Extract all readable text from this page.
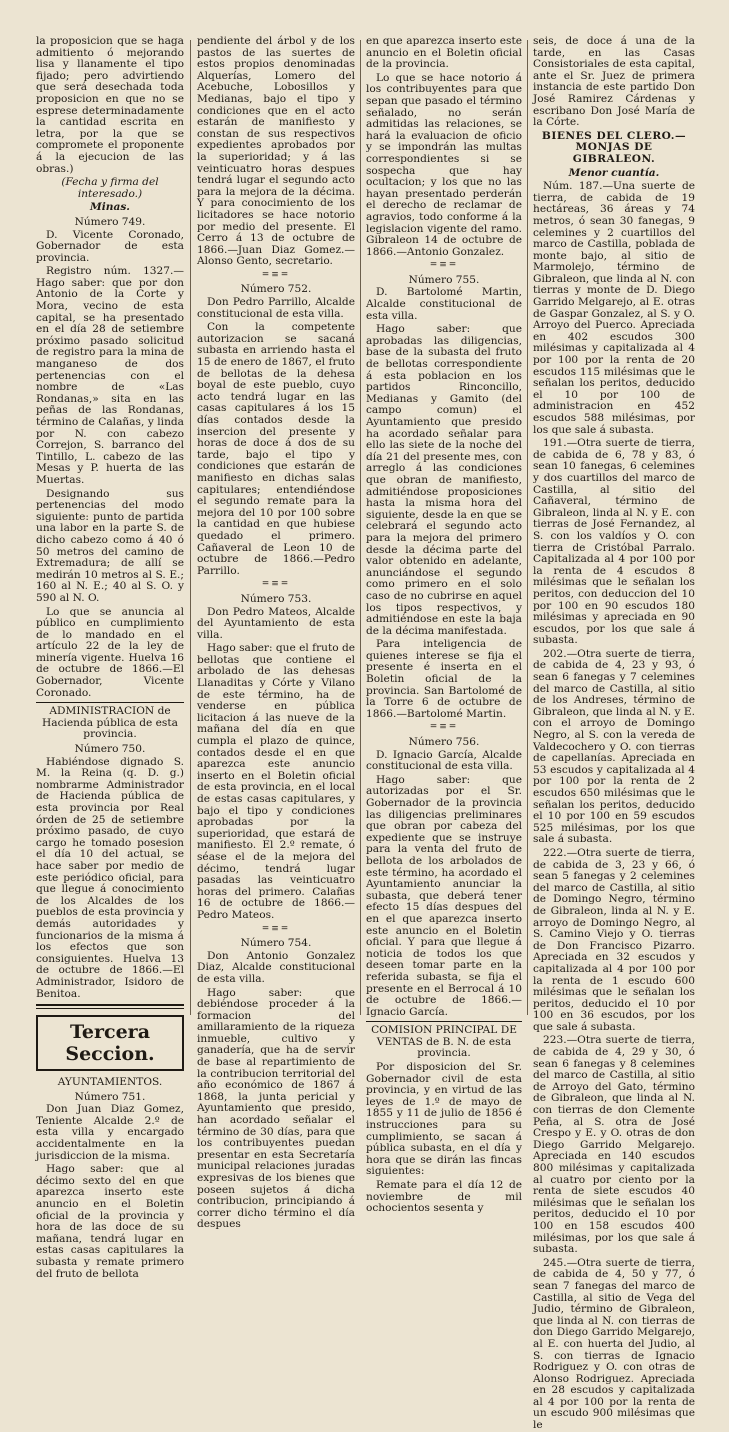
la proposicion que se haga admitiento ó mejorando lisa y llanamente el tipo fijado; pero advirtiendo que será desechada toda proposicion en que no se esprese determinadamente la cantidad escrita en letra, por la que se compromete el proponente á la ejecucion de las obras.)

(Fecha y firma del interesado.)

Minas.

Número 749.

D. Vicente Coronado, Gobernador de esta provincia.

Registro núm. 1327.—Hago saber: que por don Antonio de la Corte y Mora, vecino de esta capital, se ha presentado en el día 28 de setiembre próximo pasado solicitud de registro para la mina de manganeso de dos pertenencias con el nombre de «Las Rondanas,» sita en las peñas de las Rondanas, término de Calañas, y linda por N. con cabezo Correjon, S. barranco del Tintillo, L. cabezo de las Mesas y P. huerta de las Muertas.

Designando sus pertenencias del modo siguiente: punto de partida una labor en la parte S. de dicho cabezo como á 40 ó 50 metros del camino de Extremadura; de allí se medirán 10 metros al S. E.; 160 al N. E.; 40 al S. O. y 590 al N. O.

Lo que se anuncia al público en cumplimiento de lo mandado en el artículo 22 de la ley de minería vigente. Huelva 16 de octubre de 1866.—El Gobernador, Vicente Coronado.

ADMINISTRACION de Hacienda pública de esta provincia.

Número 750.

Habiéndose dignado S. M. la Reina (q. D. g.) nombrarme Administrador de Hacienda pública de esta provincia por Real órden de 25 de setiembre próximo pasado, de cuyo cargo he tomado posesion el día 10 del actual, se hace saber por medio de este periódico oficial, para que llegue á conocimiento de los Alcaldes de los pueblos de esta provincia y demás autoridades y funcionarios de la misma á los efectos que son consiguientes. Huelva 13 de octubre de 1866.—El Administrador, Isidoro de Benitoa.

Tercera Seccion.

AYUNTAMIENTOS.

Número 751.

Don Juan Diaz Gomez, Teniente Alcalde 2.º de esta villa y encargado accidentalmente en la jurisdiccion de la misma.

Hago saber: que al décimo sexto del en que aparezca inserto este anuncio en el Boletin oficial de la provincia y hora de las doce de su mañana, tendrá lugar en estas casas capitulares la subasta y remate primero del fruto de bellota

pendiente del árbol y de los pastos de las suertes de estos propios denominadas Alquerías, Lomero del Acebuche, Lobosillos y Medianas, bajo el tipo y condiciones que en el acto estarán de manifiesto y constan de sus respectivos expedientes aprobados por la superioridad; y á las veinticuatro horas despues tendrá lugar el segundo acto para la mejora de la décima. Y para conocimiento de los licitadores se hace notorio por medio del presente. El Cerro á 13 de octubre de 1866.—Juan Diaz Gomez.—Alonso Gento, secretario.

=≡=

Número 752.

Don Pedro Parrillo, Alcalde constitucional de esta villa.

Con la competente autorizacion se sacaná subasta en arriendo hasta el 15 de enero de 1867, el fruto de bellotas de la dehesa boyal de este pueblo, cuyo acto tendrá lugar en las casas capitulares á los 15 días contados desde la insercion del presente y horas de doce á dos de su tarde, bajo el tipo y condiciones que estarán de manifiesto en dichas salas capitulares; entendiéndose el segundo remate para la mejora del 10 por 100 sobre la cantidad en que hubiese quedado el primero. Cañaveral de Leon 10 de octubre de 1866.—Pedro Parrillo.

=≡=

Número 753.

Don Pedro Mateos, Alcalde del Ayuntamiento de esta villa.

Hago saber: que el fruto de bellotas que contiene el arbolado de las dehesas Llanaditas y Córte y Vilano de este término, ha de venderse en pública licitacion á las nueve de la mañana del día en que cumpla el plazo de quince, contados desde el en que aparezca este anuncio inserto en el Boletin oficial de esta provincia, en el local de estas casas capitulares, y bajo el tipo y condiciones aprobadas por la superioridad, que estará de manifiesto. El 2.º remate, ó séase el de la mejora del décimo, tendrá lugar pasadas las veinticuatro horas del primero. Calañas 16 de octubre de 1866.—Pedro Mateos.

=≡=

Número 754.

Don Antonio Gonzalez Diaz, Alcalde constitucional de esta villa.

Hago saber: que debiéndose proceder á la formacion del amillaramiento de la riqueza inmueble, cultivo y ganadería, que ha de servir de base al repartimiento de la contribucion territorial del año económico de 1867 á 1868, la junta pericial y Ayuntamiento que presido, han acordado señalar el término de 30 días, para que los contribuyentes puedan presentar en esta Secretaría municipal relaciones juradas expresivas de los bienes que poseen sujetos á dicha contribucion, principiando á correr dicho término el día despues

en que aparezca inserto este anuncio en el Boletin oficial de la provincia.

Lo que se hace notorio á los contribuyentes para que sepan que pasado el término señalado, no serán admitidas las relaciones, se hará la evaluacion de oficio y se impondrán las multas correspondientes si se sospecha que hay ocultacion; y los que no las hayan presentado perderán el derecho de reclamar de agravios, todo conforme á la legislacion vigente del ramo. Gibraleon 14 de octubre de 1866.—Antonio Gonzalez.

=≡=

Número 755.

D. Bartolomé Martin, Alcalde constitucional de esta villa.

Hago saber: que aprobadas las diligencias, base de la subasta del fruto de bellotas correspondiente á esta poblacion en los partidos Rinconcillo, Medianas y Gamito (del campo comun) el Ayuntamiento que presido ha acordado señalar para ello las siete de la noche del día 21 del presente mes, con arreglo á las condiciones que obran de manifiesto, admitiéndose proposiciones hasta la misma hora del siguiente, desde la en que se celebrará el segundo acto para la mejora del primero desde la décima parte del valor obtenido en adelante, anunciándose el segundo como primero en el solo caso de no cubrirse en aquel los tipos respectivos, y admitiéndose en este la baja de la décima manifestada.

Para inteligencia de quienes interese se fija el presente é inserta en el Boletin oficial de la provincia. San Bartolomé de la Torre 6 de octubre de 1866.—Bartolomé Martin.

=≡=

Número 756.

D. Ignacio García, Alcalde constitucional de esta villa.

Hago saber: que autorizadas por el Sr. Gobernador de la provincia las diligencias preliminares que obran por cabeza del expediente que se instruye para la venta del fruto de bellota de los arbolados de este término, ha acordado el Ayuntamiento anunciar la subasta, que deberá tener efecto 15 días despues del en el que aparezca inserto este anuncio en el Boletin oficial. Y para que llegue á noticia de todos los que deseen tomar parte en la referida subasta, se fija el presente en el Berrocal á 10 de octubre de 1866.—Ignacio García.

COMISION PRINCIPAL DE VENTAS de B. N. de esta provincia.

Por disposicion del Sr. Gobernador civil de esta provincia, y en virtud de las leyes de 1.º de mayo de 1855 y 11 de julio de 1856 é instrucciones para su cumplimiento, se sacan á pública subasta, en el día y hora que se dirán las fincas siguientes:

Remate para el día 12 de noviembre de mil ochocientos sesenta y

seis, de doce á una de la tarde, en las Casas Consistoriales de esta capital, ante el Sr. Juez de primera instancia de este partido Don José Ramirez Cárdenas y escribano Don José María de la Córte.

BIENES DEL CLERO.—MONJAS DE GIBRALEON.

Menor cuantía.

Núm. 187.—Una suerte de tierra, de cabida de 19 hectáreas, 36 áreas y 74 metros, ó sean 30 fanegas, 9 celemines y 2 cuartillos del marco de Castilla, poblada de monte bajo, al sitio de Marmolejo, término de Gibraleon, que linda al N. con tierras y monte de D. Diego Garrido Melgarejo, al E. otras de Gaspar Gonzalez, al S. y O. Arroyo del Puerco. Apreciada en 402 escudos 300 milésimas y capitalizada al 4 por 100 por la renta de 20 escudos 115 milésimas que le señalan los peritos, deducido el 10 por 100 de administracion en 452 escudos 588 milésimas, por los que sale á subasta.

191.—Otra suerte de tierra, de cabida de 6, 78 y 83, ó sean 10 fanegas, 6 celemines y dos cuartillos del marco de Castilla, al sitio del Cañaveral, término de Gibraleon, linda al N. y E. con tierras de José Fernandez, al S. con los valdíos y O. con tierra de Cristóbal Parralo. Capitalizada al 4 por 100 por la renta de 4 escudos 8 milésimas que le señalan los peritos, con deduccion del 10 por 100 en 90 escudos 180 milésimas y apreciada en 90 escudos, por los que sale á subasta.

202.—Otra suerte de tierra, de cabida de 4, 23 y 93, ó sean 6 fanegas y 7 celemines del marco de Castilla, al sitio de los Andreses, término de Gibraleon, que linda al N. y E. con el arroyo de Domingo Negro, al S. con la vereda de Valdecochero y O. con tierras de capellanías. Apreciada en 53 escudos y capitalizada al 4 por 100 por la renta de 2 escudos 650 milésimas que le señalan los peritos, deducido el 10 por 100 en 59 escudos 525 milésimas, por los que sale á subasta.

222.—Otra suerte de tierra, de cabida de 3, 23 y 66, ó sean 5 fanegas y 2 celemines del marco de Castilla, al sitio de Domingo Negro, término de Gibraleon, linda al N. y E. arroyo de Domingo Negro, al S. Camino Viejo y O. tierras de Don Francisco Pizarro. Apreciada en 32 escudos y capitalizada al 4 por 100 por la renta de 1 escudo 600 milésimas que le señalan los peritos, deducido el 10 por 100 en 36 escudos, por los que sale á subasta.

223.—Otra suerte de tierra, de cabida de 4, 29 y 30, ó sean 6 fanegas y 8 celemines del marco de Castilla, al sitio de Arroyo del Gato, término de Gibraleon, que linda al N. con tierras de don Clemente Peña, al S. otra de José Crespo y E. y O. otras de don Diego Garrido Melgarejo. Apreciada en 140 escudos 800 milésimas y capitalizada al cuatro por ciento por la renta de siete escudos 40 milésimas que le señalan los peritos, deducido el 10 por 100 en 158 escudos 400 milésimas, por los que sale á subasta.

245.—Otra suerte de tierra, de cabida de 4, 50 y 77, ó sean 7 fanegas del marco de Castilla, al sitio de Vega del Judio, término de Gibraleon, que linda al N. con tierras de don Diego Garrido Melgarejo, al E. con huerta del Judio, al S. con tierras de Ignacio Rodriguez y O. con otras de Alonso Rodriguez. Apreciada en 28 escudos y capitalizada al 4 por 100 por la renta de un escudo 900 milésimas que le
